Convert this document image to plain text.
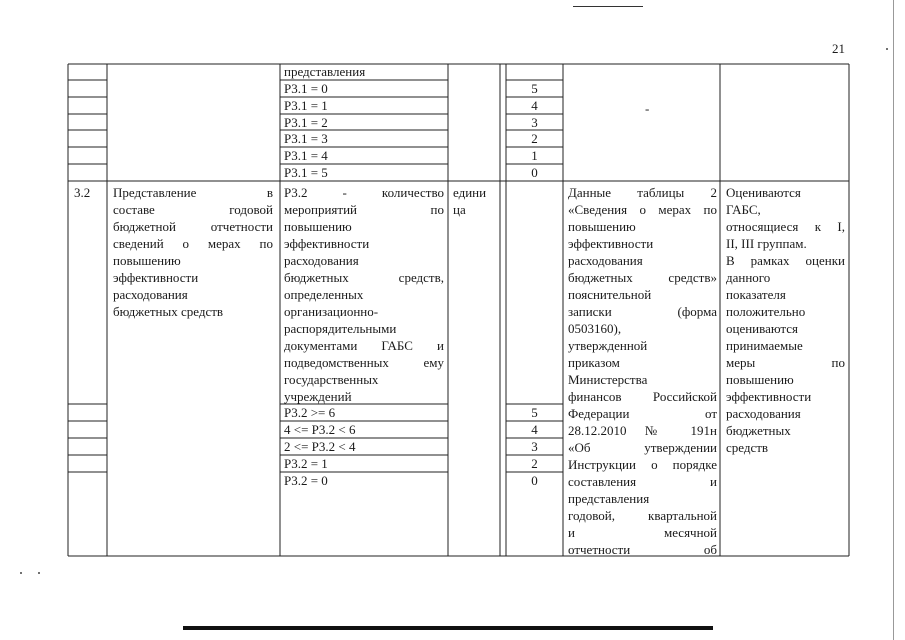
21
представления
Р3.1 = 0
Р3.1 = 1
Р3.1 = 2
Р3.1 = 3
Р3.1 = 4
Р3.1 = 5
5
4
3
2
1
0
-
3.2 Представление в
составе годовой
бюджетной отчетности
сведений о мерах по
повышению
эффективности
расходования
бюджетных средств
Р3.2 - количество
мероприятий по
повышению
эффективности
расходования
бюджетных средств,
определенных
организационно-
распорядительными
документами ГАБС и
подведомственных ему
государственных
учреждений
едини
ца
Р3.2 >= 6
4 <= Р3.2 < 6
2 <= Р3.2 < 4
Р3.2 = 1
Р3.2 = 0
5
4
3
2
0
Данные таблицы 2
«Сведения о мерах по
повышению
эффективности
расходования
бюджетных средств»
пояснительной
записки (форма
0503160),
утвержденной
приказом
Министерства
финансов Российской
Федерации от
28.12.2010 № 191н
«Об утверждении
Инструкции о порядке
составления и
представления
годовой, квартальной
и месячной
отчетности об
Оцениваются
ГАБС,
относящиеся к I,
II, III группам.
В рамках оценки
данного
показателя
положительно
оцениваются
принимаемые
меры по
повышению
эффективности
расходования
бюджетных
средств
